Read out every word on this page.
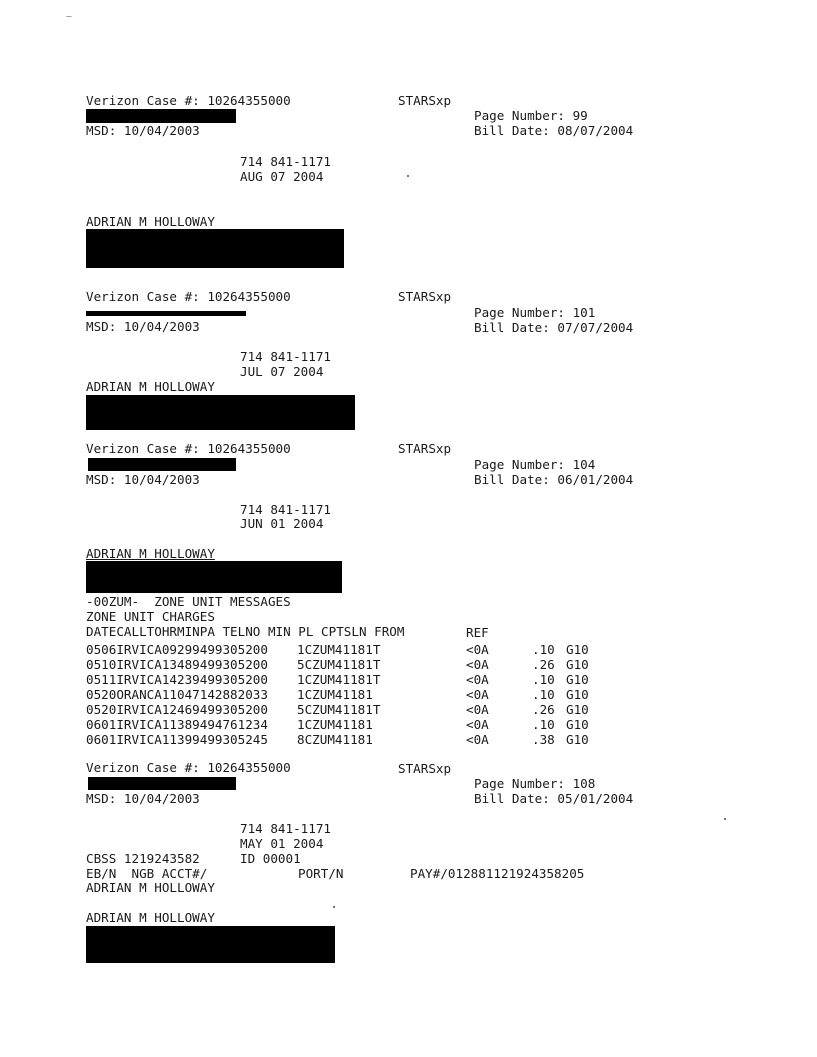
Verizon Case #: 10264355000	STARSxp
Page Number: 99
MSD: 10/04/2003	Bill Date: 08/07/2004
714 841-1171
AUG 07 2004
ADRIAN M HOLLOWAY
Verizon Case #: 10264355000	STARSxp
Page Number: 101
MSD: 10/04/2003	Bill Date: 07/07/2004
714 841-1171
JUL 07 2004
ADRIAN M HOLLOWAY
Verizon Case #: 10264355000	STARSxp
Page Number: 104
MSD: 10/04/2003	Bill Date: 06/01/2004
714 841-1171
JUN 01 2004
ADRIAN M HOLLOWAY
-00ZUM-  ZONE UNIT MESSAGES
ZONE UNIT CHARGES
DATECALLTOHRMINPA TELNO MIN PL CPTSLN FROM	REF
0506IRVICA09299499305200 1CZUM41181T	<0A	.10 G10
0510IRVICA13489499305200 5CZUM41181T	<0A	.26 G10
0511IRVICA14239499305200 1CZUM41181T	<0A	.10 G10
0520ORANCA11047142882033 1CZUM41181	<0A	.10 G10
0520IRVICA12469499305200 5CZUM41181T	<0A	.26 G10
0601IRVICA11389494761234 1CZUM41181	<0A	.10 G10
0601IRVICA11399499305245 8CZUM41181	<0A	.38 G10
Verizon Case #: 10264355000	STARSxp
Page Number: 108
MSD: 10/04/2003	Bill Date: 05/01/2004
714 841-1171
MAY 01 2004
CBSS 1219243582	ID 00001
EB/N  NGB ACCT#/	PORT/N	PAY#/012881121924358205
ADRIAN M HOLLOWAY
ADRIAN M HOLLOWAY
